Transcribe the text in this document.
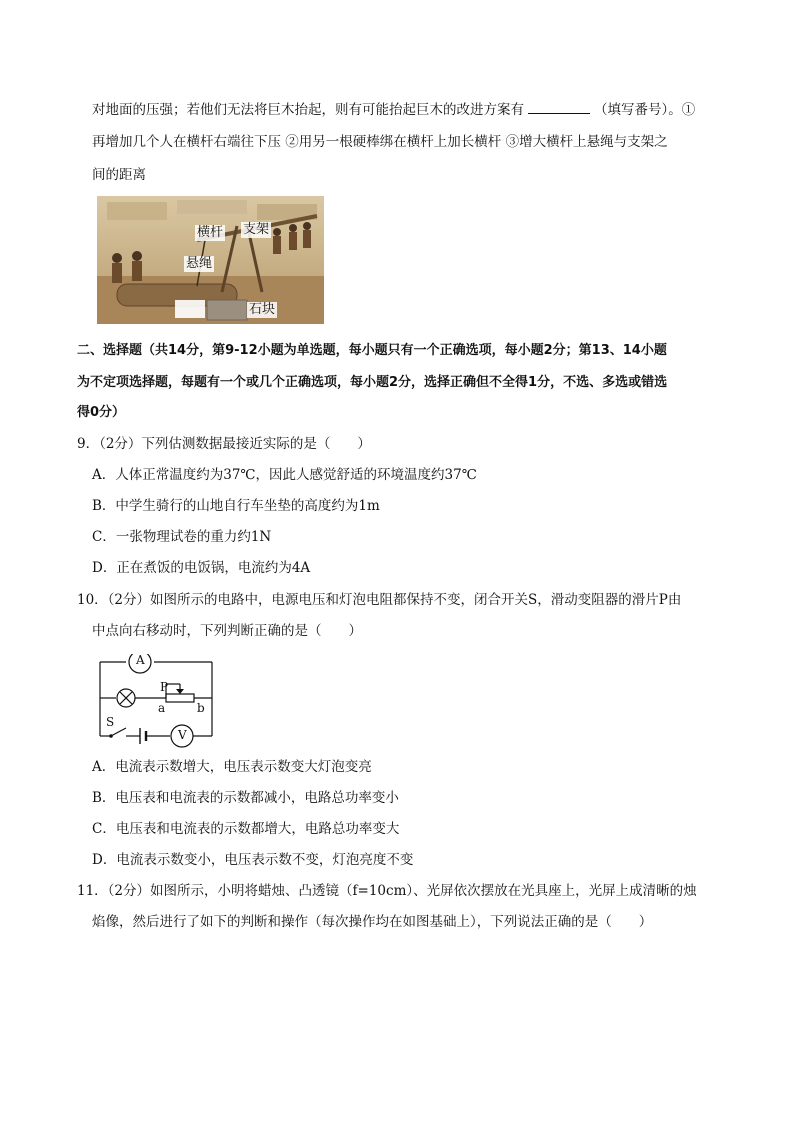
对地面的压强；若他们无法将巨木抬起，则有可能抬起巨木的改进方案有	（填写番号）。①
再增加几个人在横杆右端往下压 ②用另一根硬棒绑在横杆上加长横杆 ③增大横杆上悬绳与支架之
间的距离
横杆 支架
悬绳
石块
二、选择题（共14分，第9-12小题为单选题，每小题只有一个正确选项，每小题2分；第13、14小题
为不定项选择题，每题有一个或几个正确选项，每小题2分，选择正确但不全得1分，不选、多选或错选
得0分）
9．（2分）下列估测数据最接近实际的是（　　）
A．人体正常温度约为37℃，因此人感觉舒适的环境温度约37℃
B．中学生骑行的山地自行车坐垫的高度约为1m
C．一张物理试卷的重力约1N
D．正在煮饭的电饭锅，电流约为4A
10．（2分）如图所示的电路中，电源电压和灯泡电阻都保持不变，闭合开关S，滑动变阻器的滑片P由
中点向右移动时，下列判断正确的是（　　）
A
V
P
a	b
S
A．电流表示数增大，电压表示数变大灯泡变亮
B．电压表和电流表的示数都减小，电路总功率变小
C．电压表和电流表的示数都增大，电路总功率变大
D．电流表示数变小，电压表示数不变，灯泡亮度不变
11．（2分）如图所示，小明将蜡烛、凸透镜（f=10cm）、光屏依次摆放在光具座上，光屏上成清晰的烛
焰像，然后进行了如下的判断和操作（每次操作均在如图基础上），下列说法正确的是（　　）
